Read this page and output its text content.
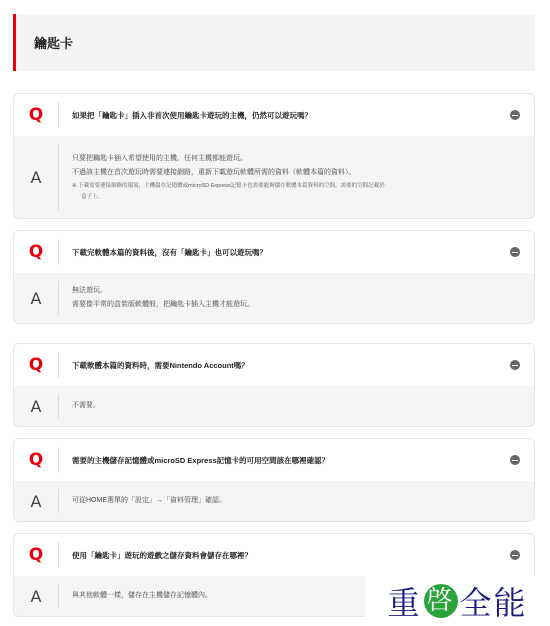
鑰匙卡
Q	如果把「鑰匙卡」插入非首次使用鑰匙卡遊玩的主機，仍然可以遊玩嗎？
A
只要把鑰匙卡插入希望使用的主機，任何主機都能遊玩。
不過該主機在首次遊玩時需要連接網路，重新下載遊玩軟體所需的資料（軟體本篇的資料）。
※ 下載需要連接網路的環境，主機儲存記憶體或microSD Express記憶卡也需要能夠儲存軟體本篇資料的空間。需要的空間記載於
盒子上。
Q	下載完軟體本篇的資料後，沒有「鑰匙卡」也可以遊玩嗎？
A	無法遊玩。
需要像平常的盒裝版軟體般，把鑰匙卡插入主機才能遊玩。
Q	下載軟體本篇的資料時，需要Nintendo Account嗎？
A	不需要。
Q	需要的主機儲存記憶體或microSD Express記憶卡的可用空間該在哪裡確認？
A	可從HOME選單的「設定」→「資料管理」確認。
Q	使用「鑰匙卡」遊玩的遊戲之儲存資料會儲存在哪裡？
A	與其他軟體一樣，儲存在主機儲存記憶體內。	重 啓 全能
